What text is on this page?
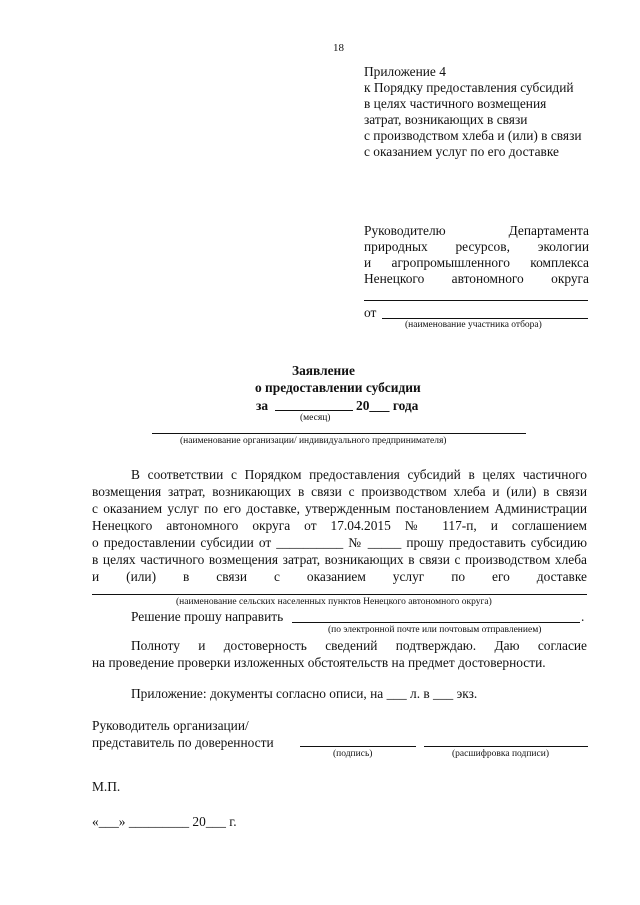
18
Приложение 4
к Порядку предоставления субсидий
в целях частичного возмещения
затрат, возникающих в связи
с производством хлеба и (или) в связи
с оказанием услуг по его доставке
Руководителю Департамента
природных ресурсов, экологии
и агропромышленного комплекса
Ненецкого автономного округа
от
(наименование участника отбора)
Заявление
о предоставлении субсидии
за	20___ года
(месяц)
(наименование организации/ индивидуального предпринимателя)
В соответствии с Порядком предоставления субсидий в целях частичного
возмещения затрат, возникающих в связи с производством хлеба и (или) в связи
с оказанием услуг по его доставке, утвержденным постановлением Администрации
Ненецкого автономного округа от 17.04.2015 № 117-п, и соглашением
о предоставлении субсидии от __________ № _____ прошу предоставить субсидию
в целях частичного возмещения затрат, возникающих в связи с производством хлеба
и (или) в связи с оказанием услуг по его доставке
(наименование сельских населенных пунктов Ненецкого автономного округа)
Решение прошу направить	.
(по электронной почте или почтовым отправлением)
Полноту и достоверность сведений подтверждаю. Даю согласие
на проведение проверки изложенных обстоятельств на предмет достоверности.
Приложение: документы согласно описи, на ___ л. в ___ экз.
Руководитель организации/
представитель по доверенности
(подпись)	(расшифровка подписи)
М.П.
«___» _________ 20___ г.
